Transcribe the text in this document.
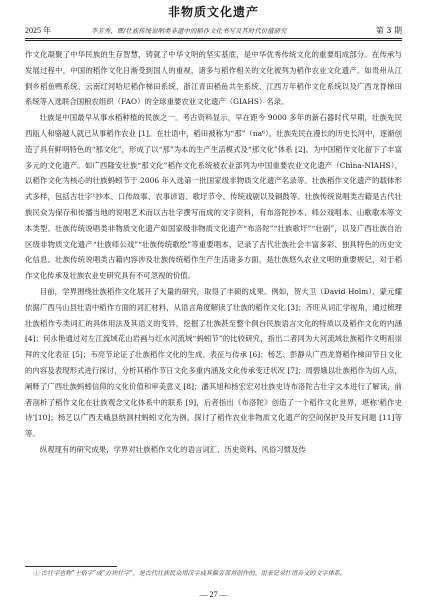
非物质文化遗产
2025 年	李芳秀、覃/壮族传统说唱类非遗中的稻作文化书写及其时代价值研究	第 3 期

作文化凝聚了中华民族的生存智慧，铸就了中华文明的坚实基底，是中华优秀传统文化的重要组成部分。在传承与发展过程中，中国的稻作文化日渐受到国人的重视，诸多与稻作相关的文化被列为稻作农业文化遗产。如贵州从江侗乡稻鱼鸭系统、云南红河哈尼稻作梯田系统、浙江青田稻鱼共生系统、江西万年稻作文化系统以及广西龙脊梯田系统等入选联合国粮农组织（FAO）的全球重要农业文化遗产（GIAHS）名录。

壮族是中国最早从事水稻种植的民族之一。考古资料显示，早在距今 9000 多年的新石器时代早期，壮族先民西瓯人和骆越人就已从事稻作农业 [1]。在壮语中，稻田被称为“那”（na⁶）。壮族先民在漫长的历史长河中，逐渐创造了具有鲜明特色的“那文化”，形成了以“那”为本的生产生活模式及“那文化”体系 [2]。为中国稻作文化留下了丰富多元的文化遗产。如广西隆安壮族“那文化”稻作文化系统被农业部列为中国重要农业文化遗产（China-NIAHS），以稻作文化为核心的壮族蚂蚓节于 2006 年入选第一批国家级非物质文化遗产名录等。壮族稻作文化遗产的载体形式多样，包括古壮字¹抄本、口传故事、农事谚语、歌圩节令、传统戏剧以及铜鼓等。壮族传统说唱类古籍是古代壮族民众为保存和传播当地的说唱艺术而以古壮字撰写而成的文字资料，有布洛陀抄本、师公戏唱本、山歌歌本等文本类型。壮族传统说唱类非物质文化遗产如国家级非物质文化遗产“布洛陀”“壮族歌圩”“壮剧”，以及广西壮族自治区级非物质文化遗产“壮族师公戏”“壮族传统歌绘”等重要唱本，记录了古代壮族社会丰富多彩、独具特色的历史文化信息。壮族传统说唱类古籍内容涉及壮族传统稻作生产生活诸多方面，是壮族悠久农业文明的重要规记，对于稻作文化传承及壮族农业史研究具有不可忽视的价值。

目前，学界围绕壮族稻作文化展开了大量的研究，取得了丰硕的成果。例如，贺大卫（David Holm）、蒙元耀依据广西马山县壮语中稻作方面的词汇材料，从语言角度解读了壮族的稻作文化 [3]；齐旺从词汇学视角，通过梳理壮族稻作专类词汇的具体用法及其语义的变异，挖掘了壮族甚至整个侗台民族语言文化的特质以及稻作文化的内涵 [4]；何永艳通过对左江流域花山岩画与红水河流域“蚂蚓节”的比较研究，指出二者同为大河流域壮族稻作文明祖崇拜的文化表征 [5]；韦亮节论证了壮族稻作文化的生成、表征与传承 [6]；杨艺、彭静从广西龙脊稻作梯田节日文化的内容及表现形式进行探讨，分析其稻作节日文化多重内涵及文化传承变迁状况 [7]；周碧娥以壮族稻作为切入点，阐释了广西壮族蚂蚓信仰的文化价值和审美意义 [8]；潘其旭和杨宏宏对壮族史诗布洛陀古壮字文本进行了解读，前者剖析了稻作文化在壮族观念文化体系中的联系 [9]，后者指出《布洛陀》创造了一个稻作文化世界，堪称‘稻作史诗’[10]；杨艺以广西天峨县纳洞村蚂蚓文化为例，探讨了稻作农业非物质文化遗产的空间保护及开发问题 [11]等等。

纵观现有的研究成果，学界对壮族稻作文化的语言词汇、历史资料、风俗习惯及传

① 古壮字也称“土俗字”或“方块壮字”，是古代壮族民众用汉字或其偏旁部首创作的、用来记录壮语音义的文字体系。
— 27 —
